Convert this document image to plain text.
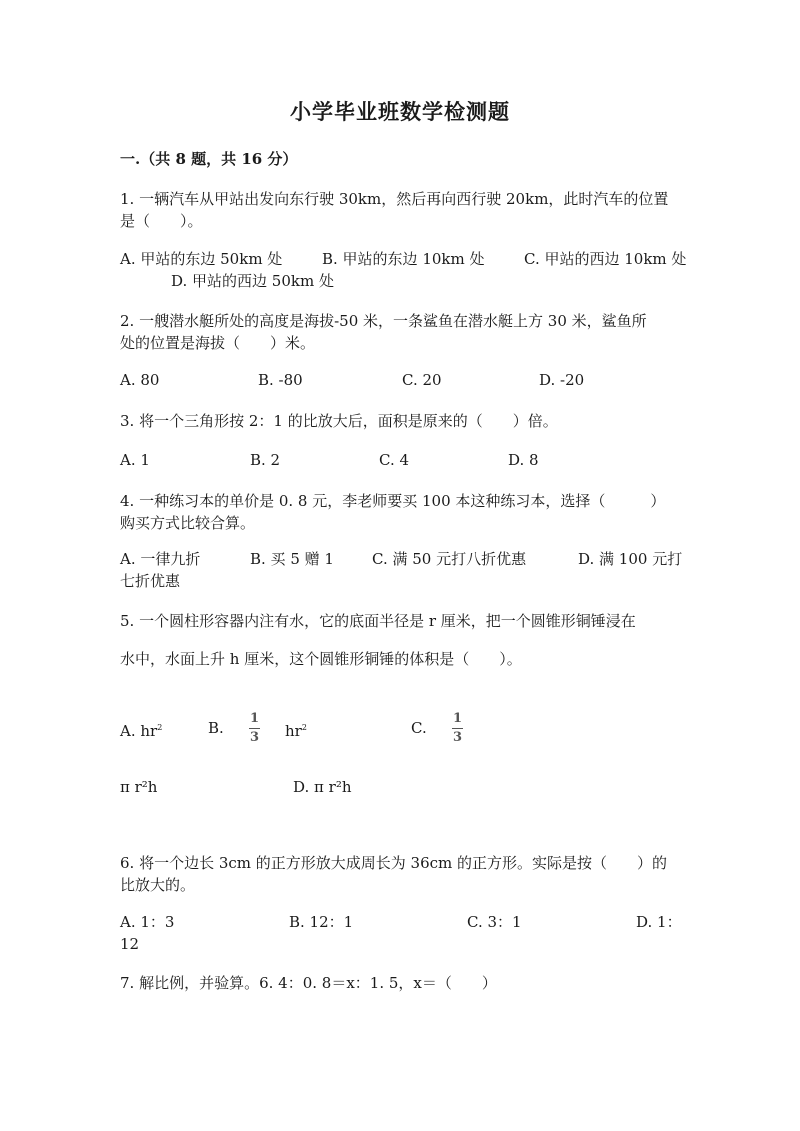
小学毕业班数学检测题
一.（共 8 题，共 16 分）
1. 一辆汽车从甲站出发向东行驶 30km，然后再向西行驶 20km，此时汽车的位置
是（　　）。
A. 甲站的东边 50km 处	B. 甲站的东边 10km 处	C. 甲站的西边 10km 处
D. 甲站的西边 50km 处
2. 一艘潜水艇所处的高度是海拔-50 米，一条鲨鱼在潜水艇上方 30 米，鲨鱼所
处的位置是海拔（　　）米。
A. 80	B. -80	C. 20	D. -20
3. 将一个三角形按 2：1 的比放大后，面积是原来的（　　）倍。
A. 1	B. 2	C. 4	D. 8
4. 一种练习本的单价是 0. 8 元，李老师要买 100 本这种练习本，选择（　　　）
购买方式比较合算。
A. 一律九折	B. 买 5 赠 1	C. 满 50 元打八折优惠	D. 满 100 元打
七折优惠
5. 一个圆柱形容器内注有水，它的底面半径是 r 厘米，把一个圆锥形铜锤浸在
水中，水面上升 h 厘米，这个圆锥形铜锤的体积是（　　）。
A. $hr^2$	B.
1
3 $hr^2$	C.
1
3
π r²h	D. π r²h
6. 将一个边长 3cm 的正方形放大成周长为 36cm 的正方形。实际是按（　　）的
比放大的。
A. 1：3	B. 12：1	C. 3：1	D. 1：
12
7. 解比例，并验算。6. 4：0. 8＝x：1. 5，x＝（　　）
